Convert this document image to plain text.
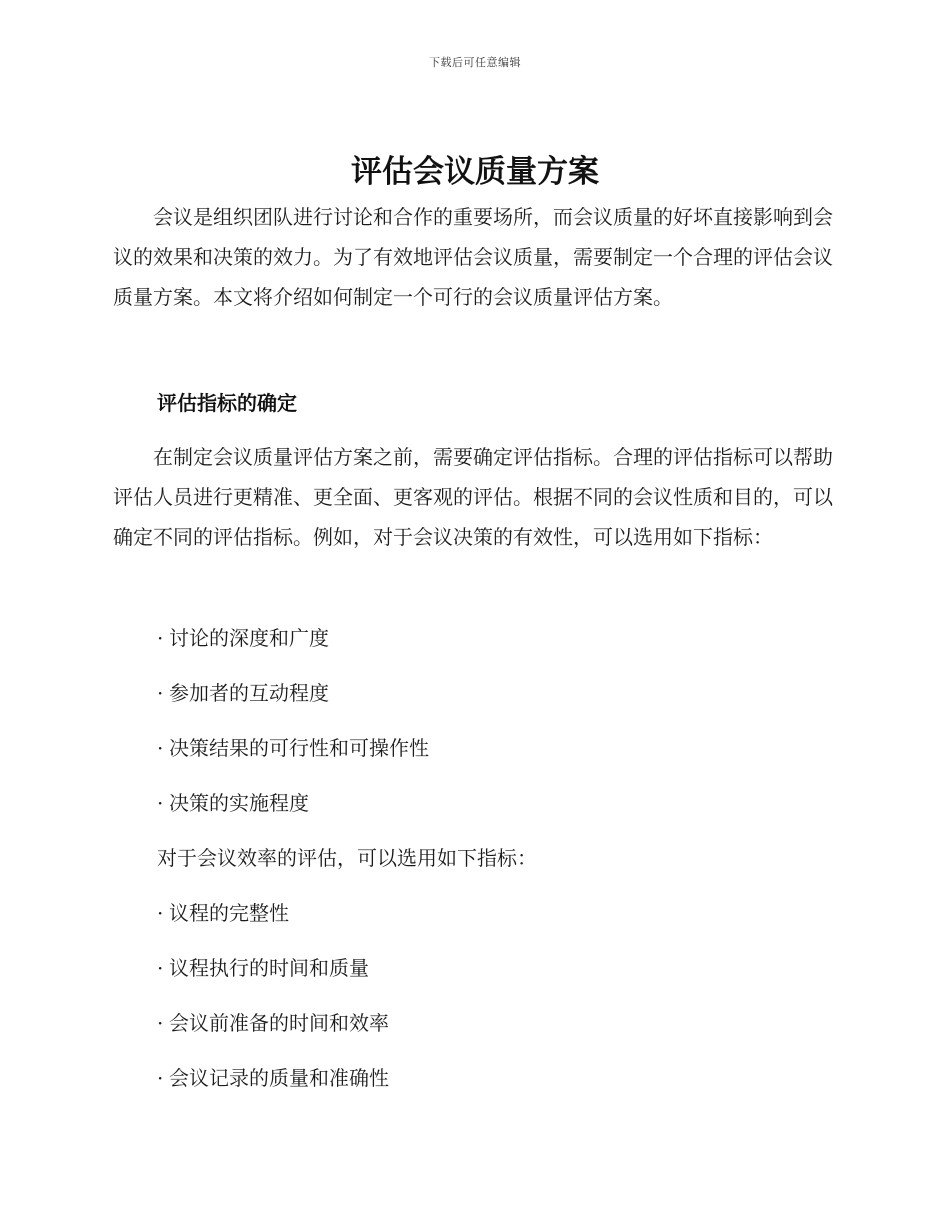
下载后可任意编辑
评估会议质量方案

会议是组织团队进行讨论和合作的重要场所，而会议质量的好坏直接影响到会议的效果和决策的效力。为了有效地评估会议质量，需要制定一个合理的评估会议质量方案。本文将介绍如何制定一个可行的会议质量评估方案。

评估指标的确定

在制定会议质量评估方案之前，需要确定评估指标。合理的评估指标可以帮助评估人员进行更精准、更全面、更客观的评估。根据不同的会议性质和目的，可以确定不同的评估指标。例如，对于会议决策的有效性，可以选用如下指标：

· 讨论的深度和广度

· 参加者的互动程度

· 决策结果的可行性和可操作性

· 决策的实施程度

对于会议效率的评估，可以选用如下指标：

· 议程的完整性

· 议程执行的时间和质量

· 会议前准备的时间和效率

· 会议记录的质量和准确性
